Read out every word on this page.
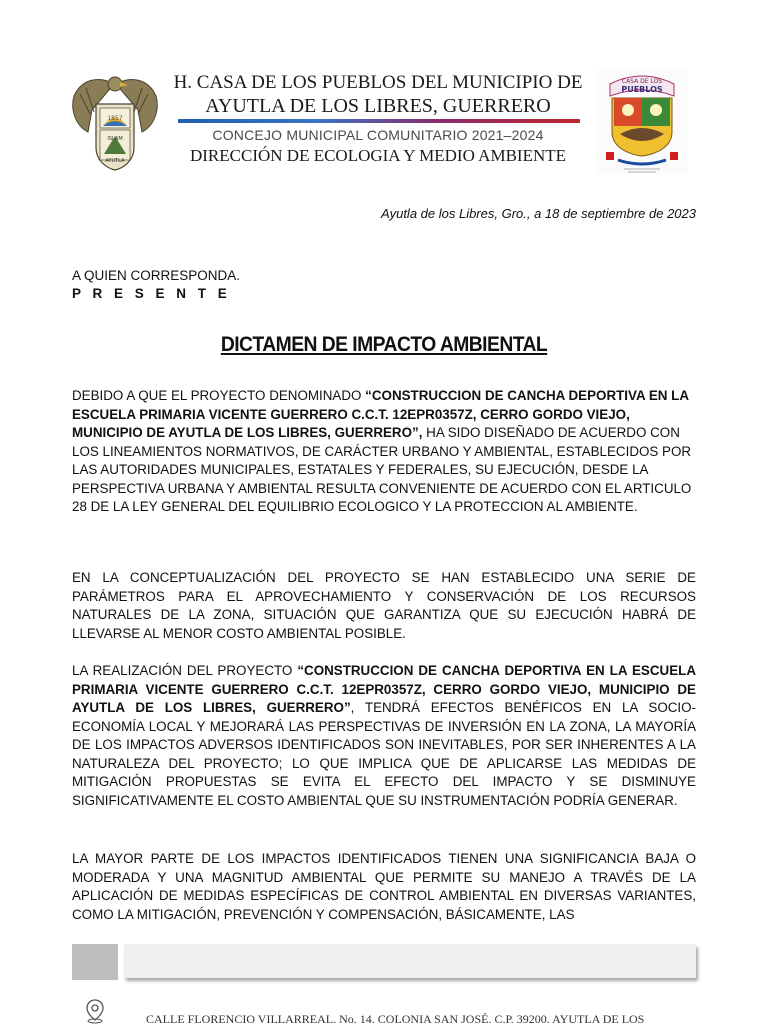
1857
ISLAM
AYUTLA
H. CASA DE LOS PUEBLOS DEL MUNICIPIO DE
AYUTLA DE LOS LIBRES, GUERRERO
CONCEJO MUNICIPAL COMUNITARIO 2021–2024
DIRECCIÓN DE ECOLOGIA Y MEDIO AMBIENTE
CASA DE LOS
PUEBLOS
Ayutla de los Libres, Gro., a 18 de septiembre de 2023
A QUIEN CORRESPONDA.
P R E S E N T E
DICTAMEN DE IMPACTO AMBIENTAL
DEBIDO A QUE EL PROYECTO DENOMINADO “CONSTRUCCION DE CANCHA DEPORTIVA EN LA ESCUELA PRIMARIA VICENTE GUERRERO C.C.T. 12EPR0357Z, CERRO GORDO VIEJO, MUNICIPIO DE AYUTLA DE LOS LIBRES, GUERRERO”, HA SIDO DISEÑADO DE ACUERDO CON LOS LINEAMIENTOS NORMATIVOS, DE CARÁCTER URBANO Y AMBIENTAL, ESTABLECIDOS POR LAS AUTORIDADES MUNICIPALES, ESTATALES Y FEDERALES, SU EJECUCIÓN, DESDE LA PERSPECTIVA URBANA Y AMBIENTAL RESULTA CONVENIENTE DE ACUERDO CON EL ARTICULO 28 DE LA LEY GENERAL DEL EQUILIBRIO ECOLOGICO Y LA PROTECCION AL AMBIENTE.
EN LA CONCEPTUALIZACIÓN DEL PROYECTO SE HAN ESTABLECIDO UNA SERIE DE PARÁMETROS PARA EL APROVECHAMIENTO Y CONSERVACIÓN DE LOS RECURSOS NATURALES DE LA ZONA, SITUACIÓN QUE GARANTIZA QUE SU EJECUCIÓN HABRÁ DE LLEVARSE AL MENOR COSTO AMBIENTAL POSIBLE.
LA REALIZACIÓN DEL PROYECTO “CONSTRUCCION DE CANCHA DEPORTIVA EN LA ESCUELA PRIMARIA VICENTE GUERRERO C.C.T. 12EPR0357Z, CERRO GORDO VIEJO, MUNICIPIO DE AYUTLA DE LOS LIBRES, GUERRERO”, TENDRÁ EFECTOS BENÉFICOS EN LA SOCIO-ECONOMÍA LOCAL Y MEJORARÁ LAS PERSPECTIVAS DE INVERSIÓN EN LA ZONA, LA MAYORÍA DE LOS IMPACTOS ADVERSOS IDENTIFICADOS SON INEVITABLES, POR SER INHERENTES A LA NATURALEZA DEL PROYECTO; LO QUE IMPLICA QUE DE APLICARSE LAS MEDIDAS DE MITIGACIÓN PROPUESTAS SE EVITA EL EFECTO DEL IMPACTO Y SE DISMINUYE SIGNIFICATIVAMENTE EL COSTO AMBIENTAL QUE SU INSTRUMENTACIÓN PODRÍA GENERAR.
LA MAYOR PARTE DE LOS IMPACTOS IDENTIFICADOS TIENEN UNA SIGNIFICANCIA BAJA O MODERADA Y UNA MAGNITUD AMBIENTAL QUE PERMITE SU MANEJO A TRAVÉS DE LA APLICACIÓN DE MEDIDAS ESPECÍFICAS DE CONTROL AMBIENTAL EN DIVERSAS VARIANTES, COMO LA MITIGACIÓN, PREVENCIÓN Y COMPENSACIÓN, BÁSICAMENTE, LAS
CALLE FLORENCIO VILLARREAL. No. 14. COLONIA SAN JOSÉ. C.P. 39200. AYUTLA DE LOS
